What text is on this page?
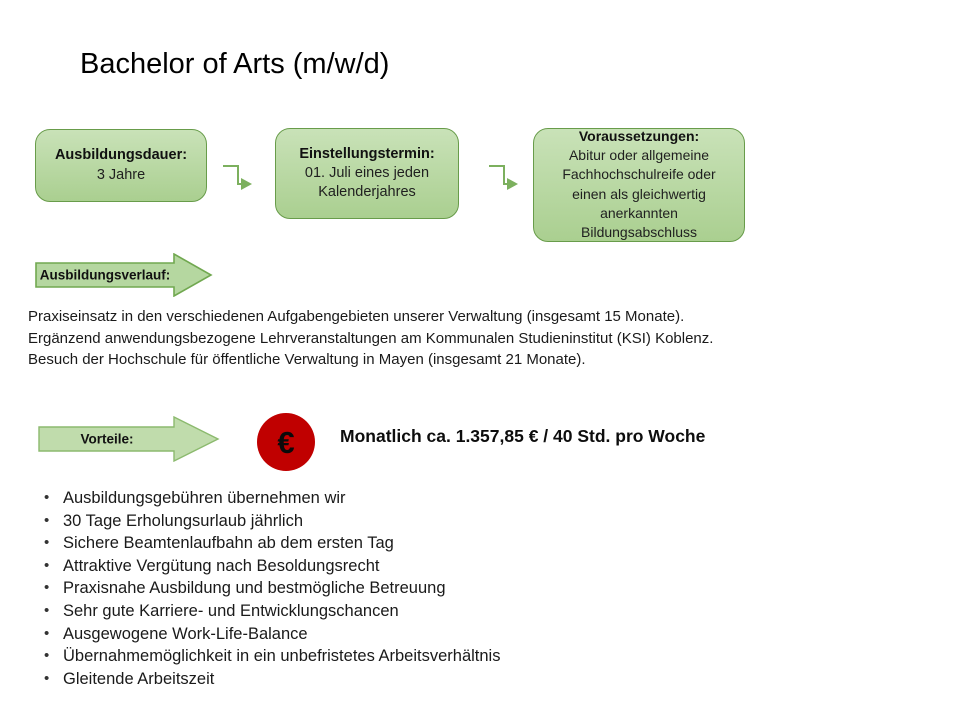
Bachelor of Arts (m/w/d)
Ausbildungsdauer:
3 Jahre
Einstellungstermin:
01. Juli eines jeden Kalenderjahres
Voraussetzungen:
Abitur oder allgemeine Fachhochschulreife oder einen als gleichwertig anerkannten Bildungsabschluss
Ausbildungsverlauf:
Praxiseinsatz in den verschiedenen Aufgabengebieten unserer Verwaltung (insgesamt 15 Monate).
Ergänzend anwendungsbezogene Lehrveranstaltungen am Kommunalen Studieninstitut (KSI) Koblenz.
Besuch der Hochschule für öffentliche Verwaltung in Mayen (insgesamt 21 Monate).
Vorteile:	€	Monatlich ca. 1.357,85 € / 40 Std. pro Woche
• Ausbildungsgebühren übernehmen wir
• 30 Tage Erholungsurlaub jährlich
• Sichere Beamtenlaufbahn ab dem ersten Tag
• Attraktive Vergütung nach Besoldungsrecht
• Praxisnahe Ausbildung und bestmögliche Betreuung
• Sehr gute Karriere- und Entwicklungschancen
• Ausgewogene Work-Life-Balance
• Übernahmemöglichkeit in ein unbefristetes Arbeitsverhältnis
• Gleitende Arbeitszeit
